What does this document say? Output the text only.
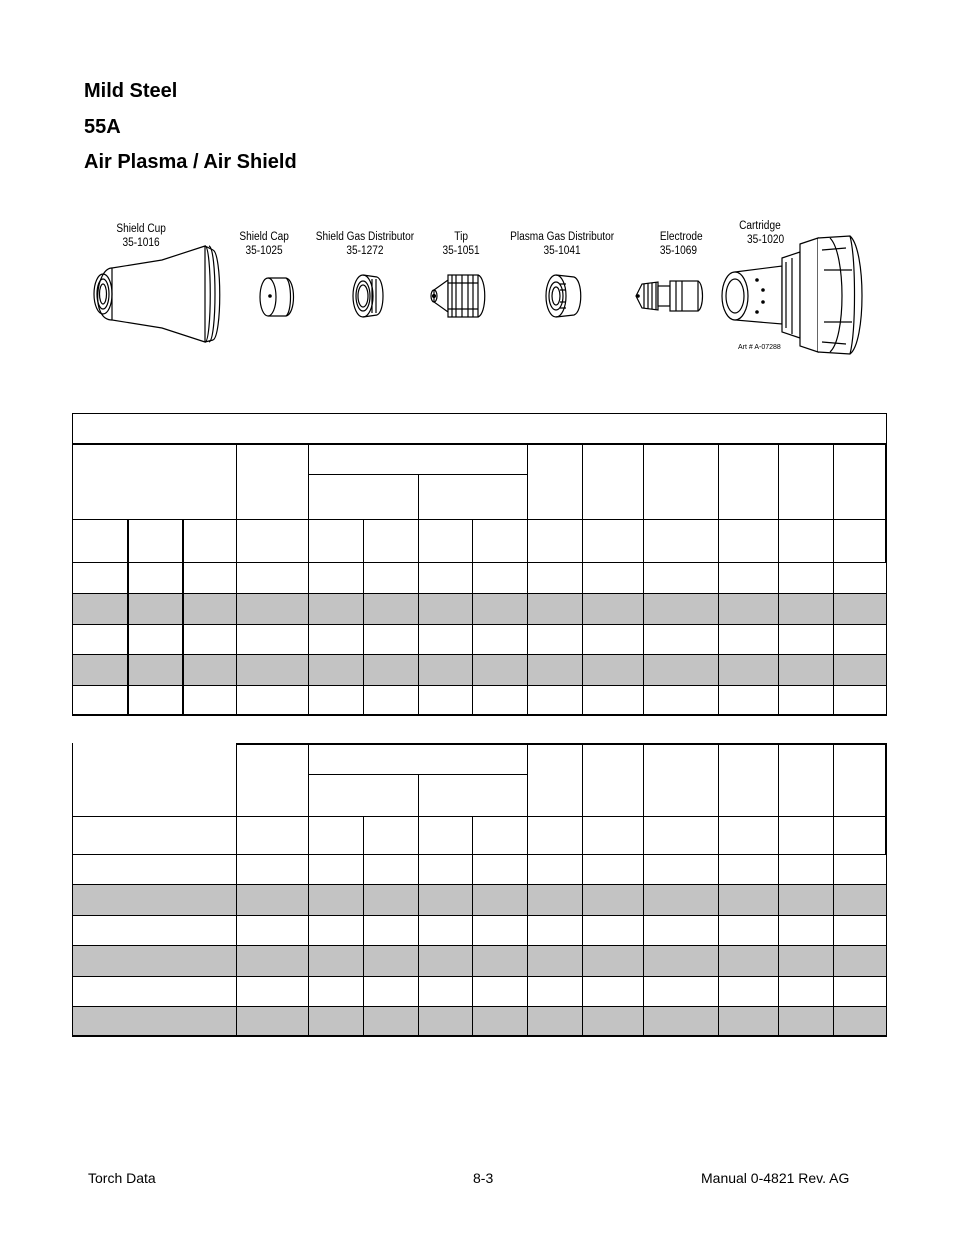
Mild Steel
55A
Air Plasma / Air Shield
Shield Cup
35-1016	Shield Cap
35-1025
Shield Gas Distributor
35-1272
Tip
35-1051
Plasma Gas Distributor
35-1041
Electrode
35-1069
Cartridge
35-1020
Art # A-07288
Torch Data	8-3	Manual 0-4821 Rev. AG
